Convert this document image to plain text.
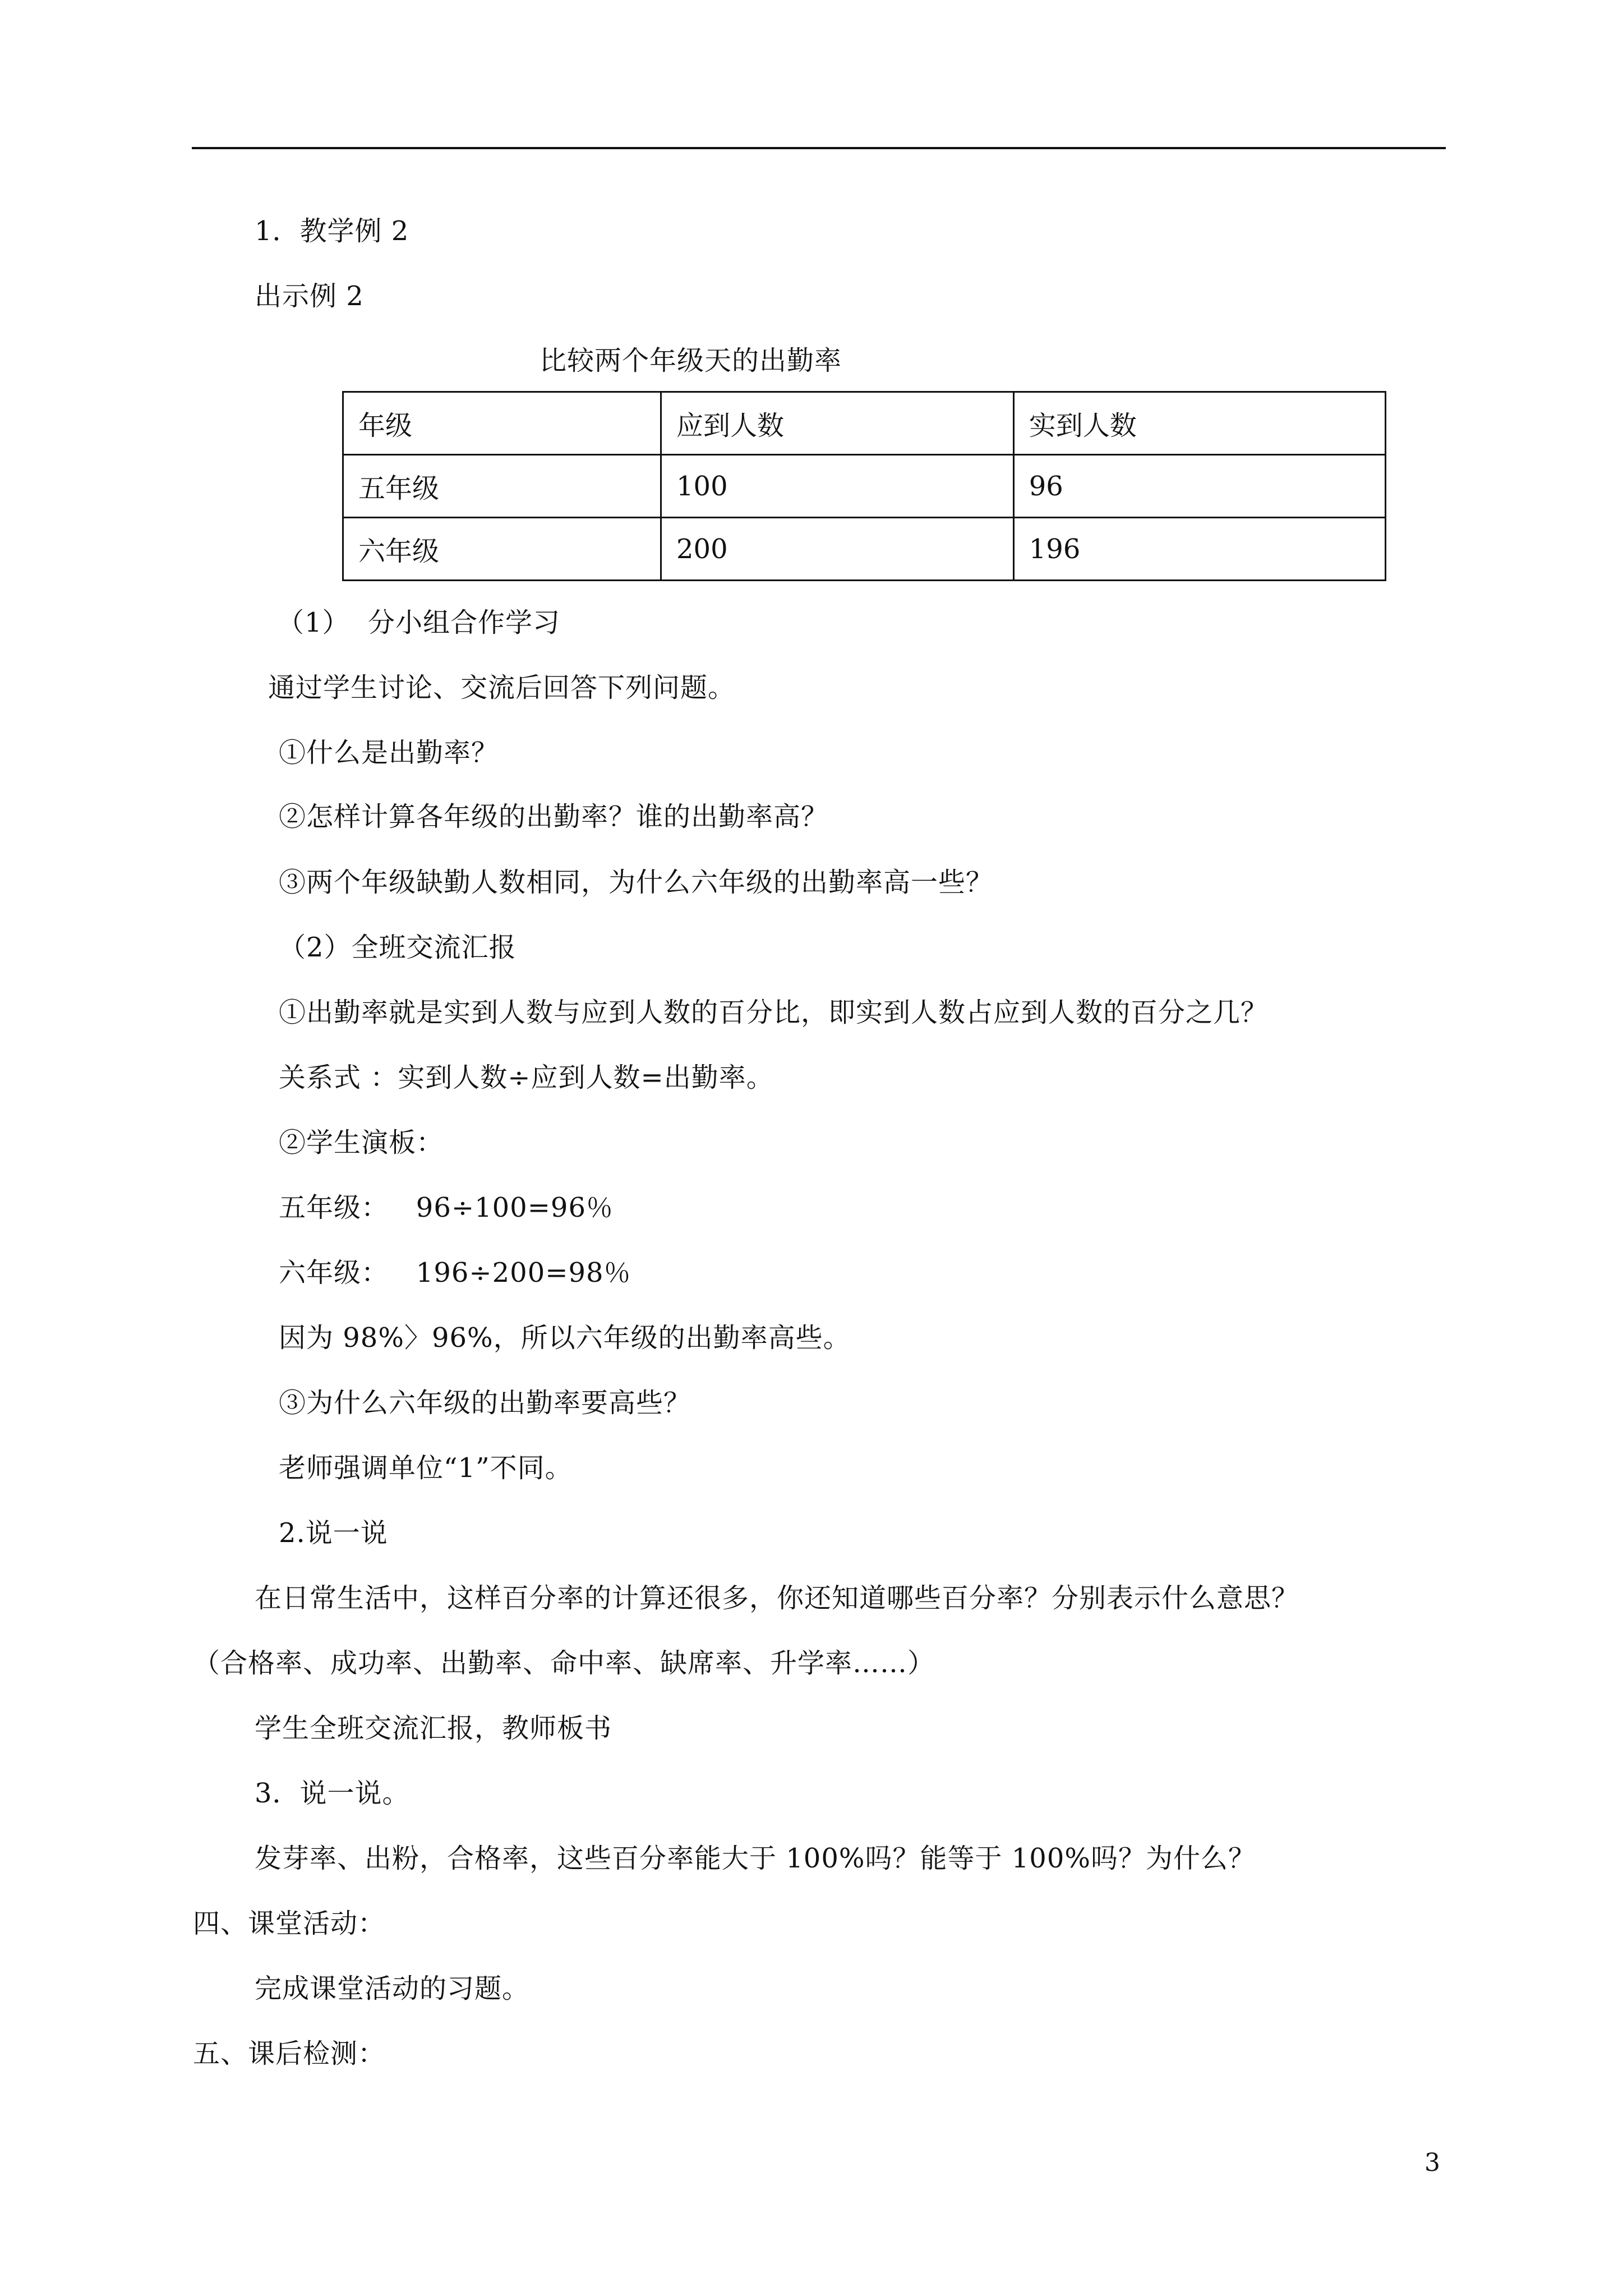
1．教学例 2
出示例 2
比较两个年级天的出勤率
年级	应到人数	实到人数
五年级	100	96
六年级	200	196
（1）  分小组合作学习
通过学生讨论、交流后回答下列问题。
①什么是出勤率？
②怎样计算各年级的出勤率？谁的出勤率高？
③两个年级缺勤人数相同，为什么六年级的出勤率高一些？
（2）全班交流汇报
①出勤率就是实到人数与应到人数的百分比，即实到人数占应到人数的百分之几？
关系式 ：实到人数÷应到人数=出勤率。
②学生演板：
五年级：   96÷100=96％
六年级：   196÷200=98％
因为 98%〉96%，所以六年级的出勤率高些。
③为什么六年级的出勤率要高些？
老师强调单位“1”不同。
2.说一说
在日常生活中，这样百分率的计算还很多，你还知道哪些百分率？分别表示什么意思？
（合格率、成功率、出勤率、命中率、缺席率、升学率……）
学生全班交流汇报，教师板书
3．说一说。
发芽率、出粉，合格率，这些百分率能大于 100%吗？能等于 100%吗？为什么？
四、课堂活动：
完成课堂活动的习题。
五、课后检测：
3
